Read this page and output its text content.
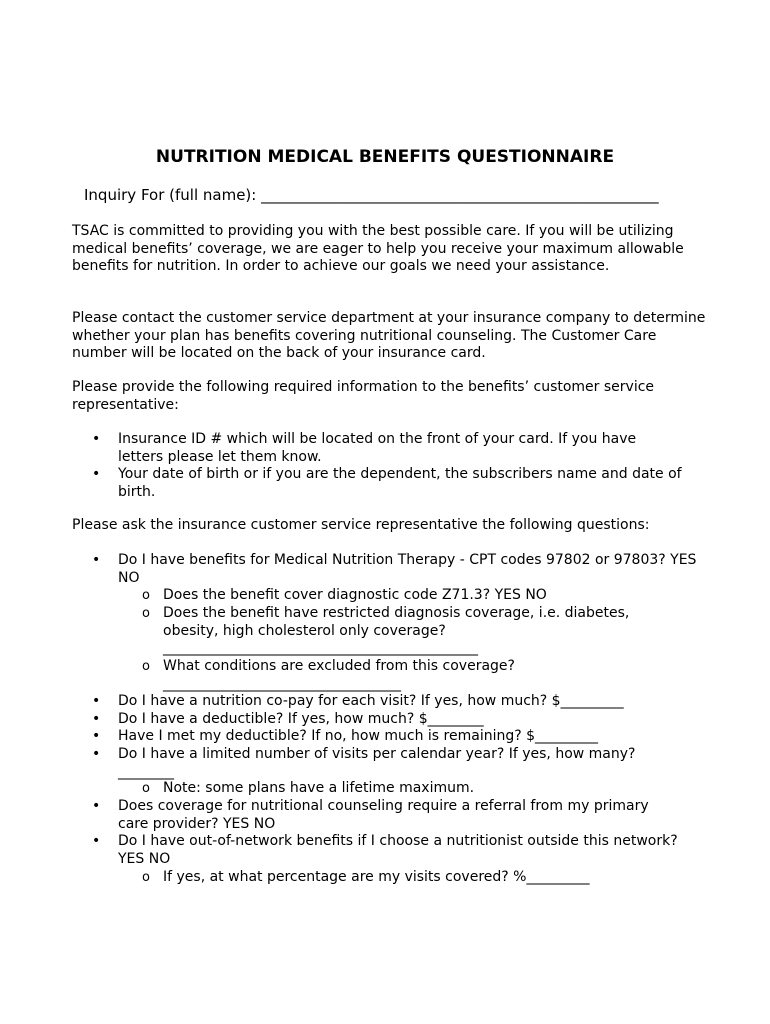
NUTRITION MEDICAL BENEFITS QUESTIONNAIRE
Inquiry For (full name): _____________________________________________________

TSAC is committed to providing you with the best possible care. If you will be utilizing medical benefits’ coverage, we are eager to help you receive your maximum allowable benefits for nutrition. In order to achieve our goals we need your assistance.

Please contact the customer service department at your insurance company to determine whether your plan has benefits covering nutritional counseling. The Customer Care number will be located on the back of your insurance card.

Please provide the following required information to the benefits’ customer service representative:

• Insurance ID # which will be located on the front of your card. If you have letters please let them know.

• Your date of birth or if you are the dependent, the subscribers name and date of birth.

Please ask the insurance customer service representative the following questions:

• Do I have benefits for Medical Nutrition Therapy - CPT codes 97802 or 97803? YES NO

o Does the benefit cover diagnostic code Z71.3? YES NO

o Does the benefit have restricted diagnosis coverage, i.e. diabetes, obesity, high cholesterol only coverage? _____________________________________________

o What conditions are excluded from this coverage? __________________________________

• Do I have a nutrition co-pay for each visit? If yes, how much? $_________

• Do I have a deductible? If yes, how much? $________

• Have I met my deductible? If no, how much is remaining? $_________

• Do I have a limited number of visits per calendar year? If yes, how many? ________

o Note: some plans have a lifetime maximum.

• Does coverage for nutritional counseling require a referral from my primary care provider? YES NO

• Do I have out-of-network benefits if I choose a nutritionist outside this network? YES NO

o If yes, at what percentage are my visits covered? %_________
